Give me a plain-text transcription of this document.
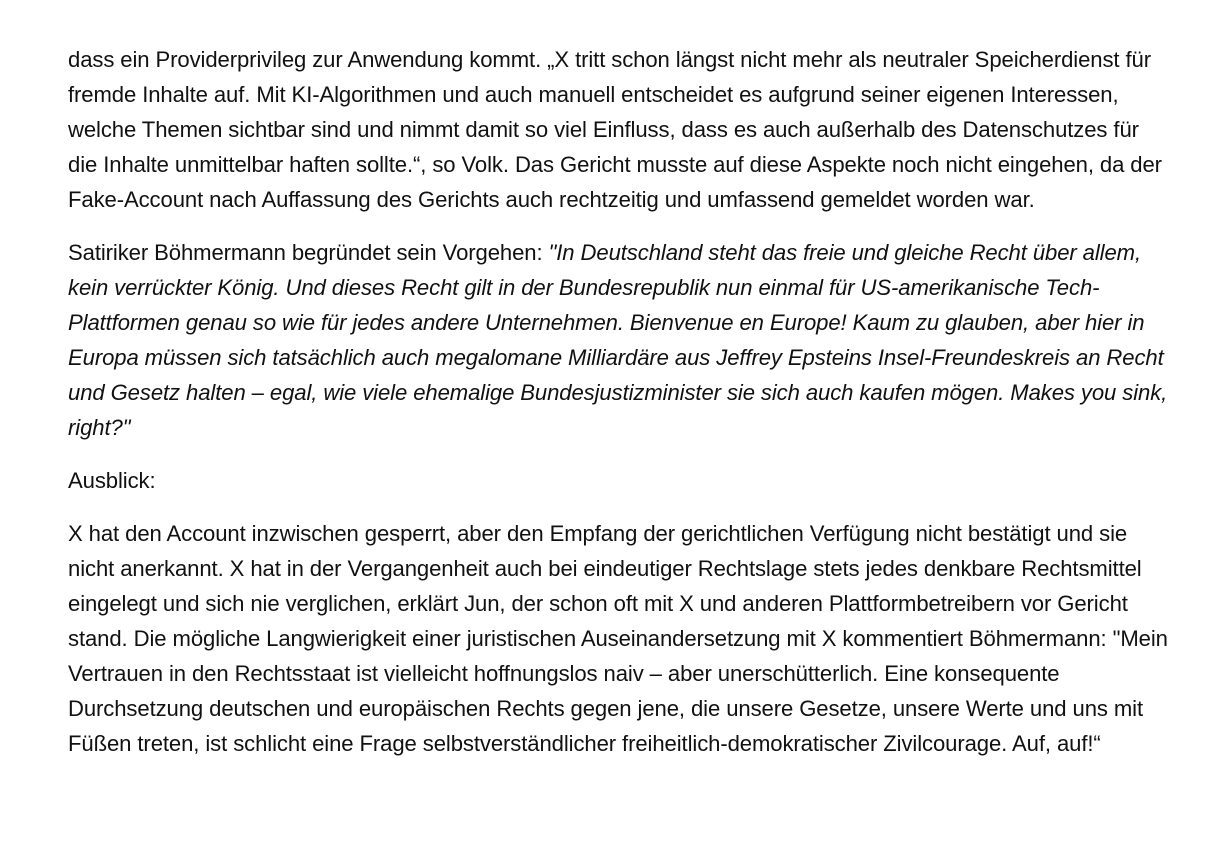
dass ein Providerprivileg zur Anwendung kommt. „X tritt schon längst nicht mehr als neutraler Speicherdienst für fremde Inhalte auf. Mit KI-Algorithmen und auch manuell entscheidet es aufgrund seiner eigenen Interessen, welche Themen sichtbar sind und nimmt damit so viel Einfluss, dass es auch außerhalb des Datenschutzes für die Inhalte unmittelbar haften sollte.“, so Volk. Das Gericht musste auf diese Aspekte noch nicht eingehen, da der Fake-Account nach Auffassung des Gerichts auch rechtzeitig und umfassend gemeldet worden war.

Satiriker Böhmermann begründet sein Vorgehen: "In Deutschland steht das freie und gleiche Recht über allem, kein verrückter König. Und dieses Recht gilt in der Bundesrepublik nun einmal für US-amerikanische Tech-Plattformen genau so wie für jedes andere Unternehmen. Bienvenue en Europe! Kaum zu glauben, aber hier in Europa müssen sich tatsächlich auch megalomane Milliardäre aus Jeffrey Epsteins Insel-Freundeskreis an Recht und Gesetz halten – egal, wie viele ehemalige Bundesjustizminister sie sich auch kaufen mögen. Makes you sink, right?"

Ausblick:

X hat den Account inzwischen gesperrt, aber den Empfang der gerichtlichen Verfügung nicht bestätigt und sie nicht anerkannt. X hat in der Vergangenheit auch bei eindeutiger Rechtslage stets jedes denkbare Rechtsmittel eingelegt und sich nie verglichen, erklärt Jun, der schon oft mit X und anderen Plattformbetreibern vor Gericht stand. Die mögliche Langwierigkeit einer juristischen Auseinandersetzung mit X kommentiert Böhmermann: "Mein Vertrauen in den Rechtsstaat ist vielleicht hoffnungslos naiv – aber unerschütterlich. Eine konsequente Durchsetzung deutschen und europäischen Rechts gegen jene, die unsere Gesetze, unsere Werte und uns mit Füßen treten, ist schlicht eine Frage selbstverständlicher freiheitlich-demokratischer Zivilcourage. Auf, auf!“
